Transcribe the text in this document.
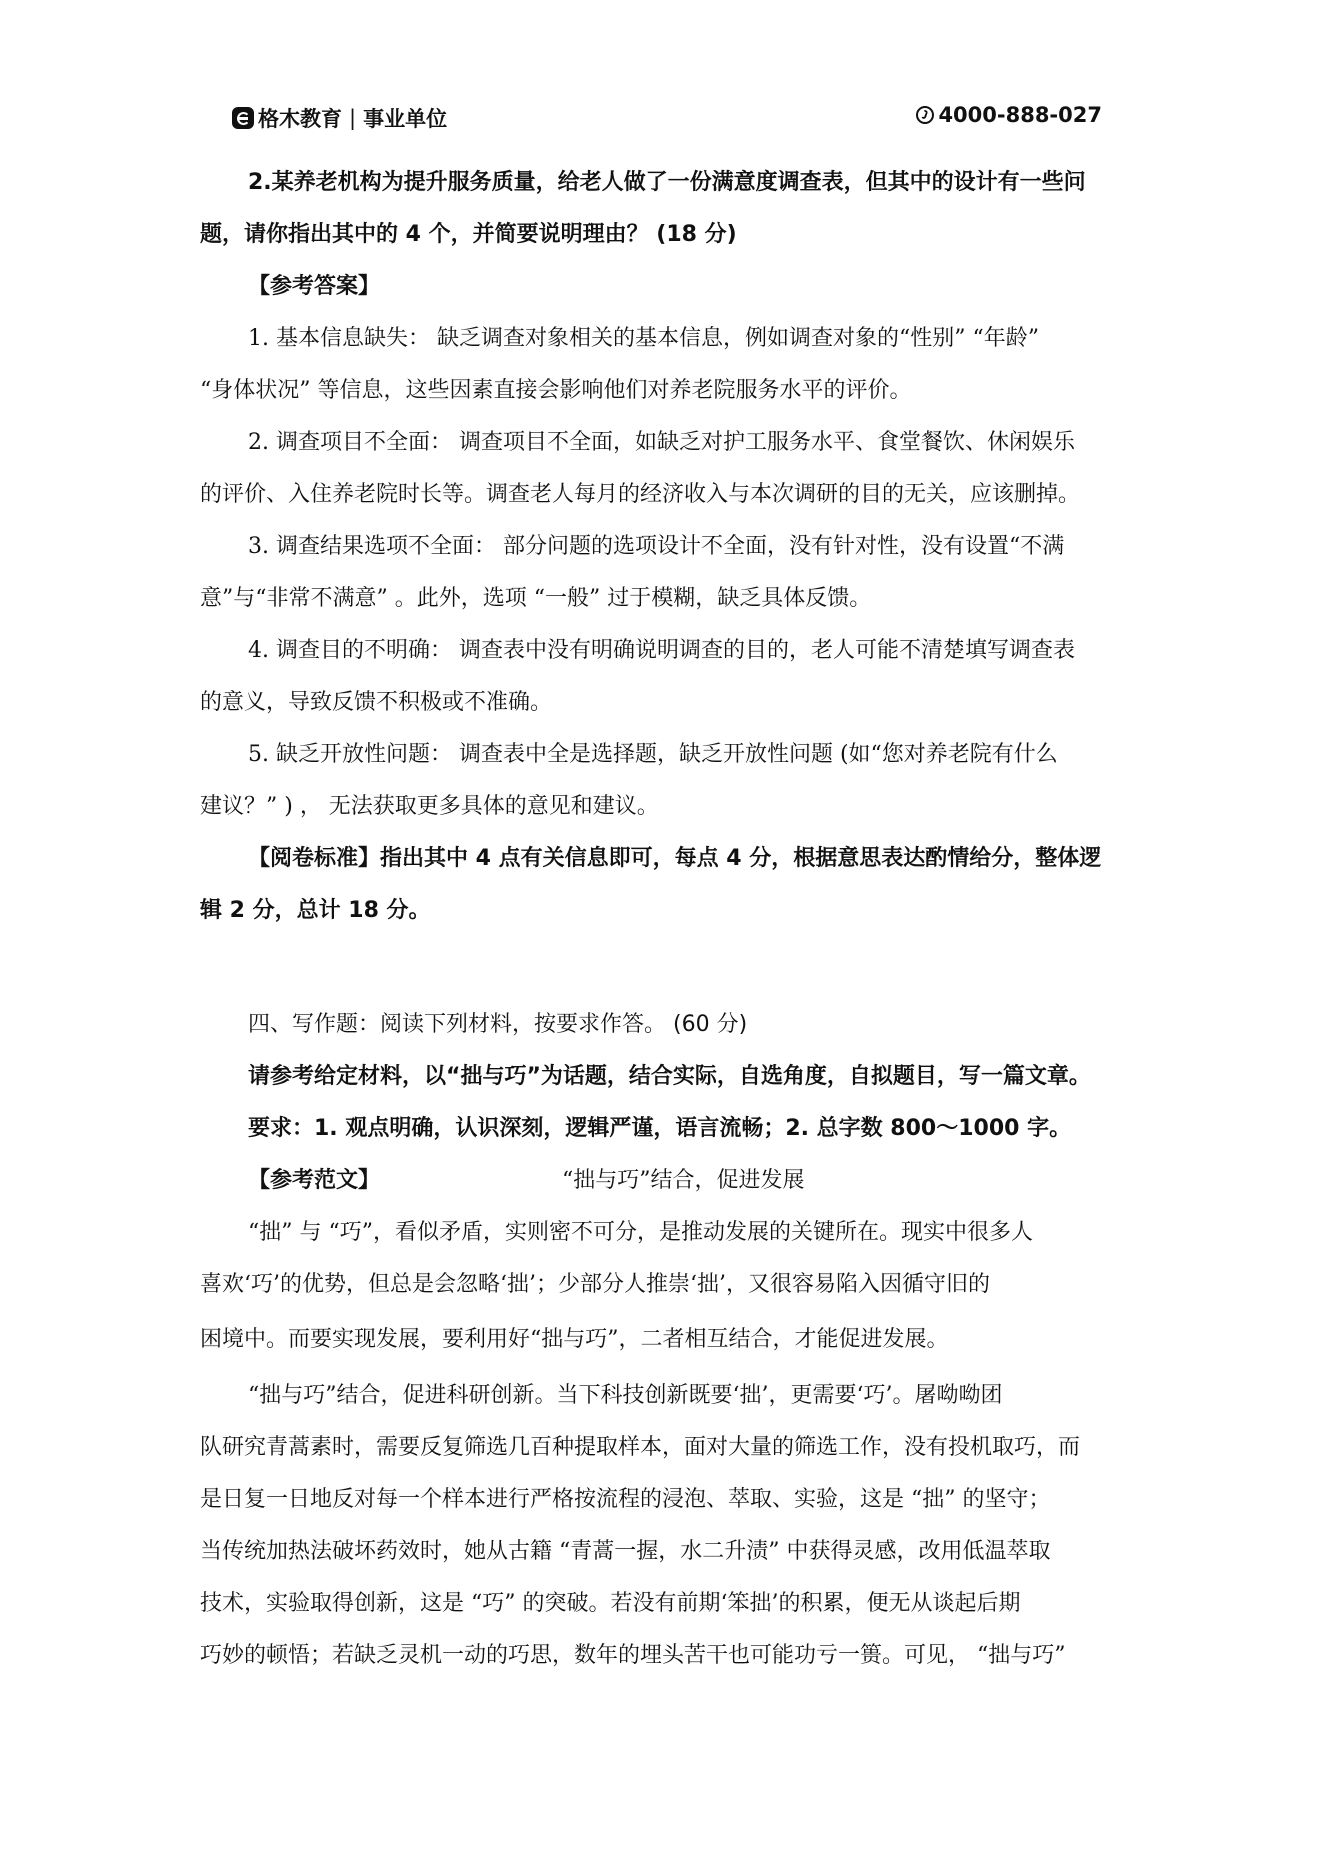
格木教育 | 事业单位	4000-888-027
2.某养老机构为提升服务质量，给老人做了一份满意度调查表，但其中的设计有一些问
题，请你指出其中的 4 个，并简要说明理由？ (18 分)
【参考答案】
1. 基本信息缺失： 缺乏调查对象相关的基本信息，例如调查对象的“性别” “年龄”
“身体状况” 等信息，这些因素直接会影响他们对养老院服务水平的评价。
2. 调查项目不全面： 调查项目不全面，如缺乏对护工服务水平、食堂餐饮、休闲娱乐
的评价、入住养老院时长等。调查老人每月的经济收入与本次调研的目的无关，应该删掉。
3. 调查结果选项不全面： 部分问题的选项设计不全面，没有针对性，没有设置“不满
意”与“非常不满意” 。此外，选项 “一般” 过于模糊，缺乏具体反馈。
4. 调查目的不明确： 调查表中没有明确说明调查的目的，老人可能不清楚填写调查表
的意义，导致反馈不积极或不准确。
5. 缺乏开放性问题： 调查表中全是选择题，缺乏开放性问题 (如“您对养老院有什么
建议？” ) ， 无法获取更多具体的意见和建议。
【阅卷标准】指出其中 4 点有关信息即可，每点 4 分，根据意思表达酌情给分，整体逻
辑 2 分，总计 18 分。
四、写作题：阅读下列材料，按要求作答。 (60 分)
请参考给定材料，以“拙与巧”为话题，结合实际，自选角度，自拟题目，写一篇文章。
要求：1. 观点明确，认识深刻，逻辑严谨，语言流畅；2. 总字数 800～1000 字。
【参考范文】	“拙与巧”结合，促进发展
“拙” 与 “巧”，看似矛盾，实则密不可分，是推动发展的关键所在。现实中很多人
喜欢‘巧’的优势，但总是会忽略‘拙’；少部分人推崇‘拙’，又很容易陷入因循守旧的
困境中。而要实现发展，要利用好“拙与巧”，二者相互结合，才能促进发展。
“拙与巧”结合，促进科研创新。当下科技创新既要‘拙’，更需要‘巧’。屠呦呦团
队研究青蒿素时，需要反复筛选几百种提取样本，面对大量的筛选工作，没有投机取巧，而
是日复一日地反对每一个样本进行严格按流程的浸泡、萃取、实验，这是 “拙” 的坚守；
当传统加热法破坏药效时，她从古籍 “青蒿一握，水二升渍” 中获得灵感，改用低温萃取
技术，实验取得创新，这是 “巧” 的突破。若没有前期‘笨拙’的积累，便无从谈起后期
巧妙的顿悟；若缺乏灵机一动的巧思，数年的埋头苦干也可能功亏一篑。可见， “拙与巧”
